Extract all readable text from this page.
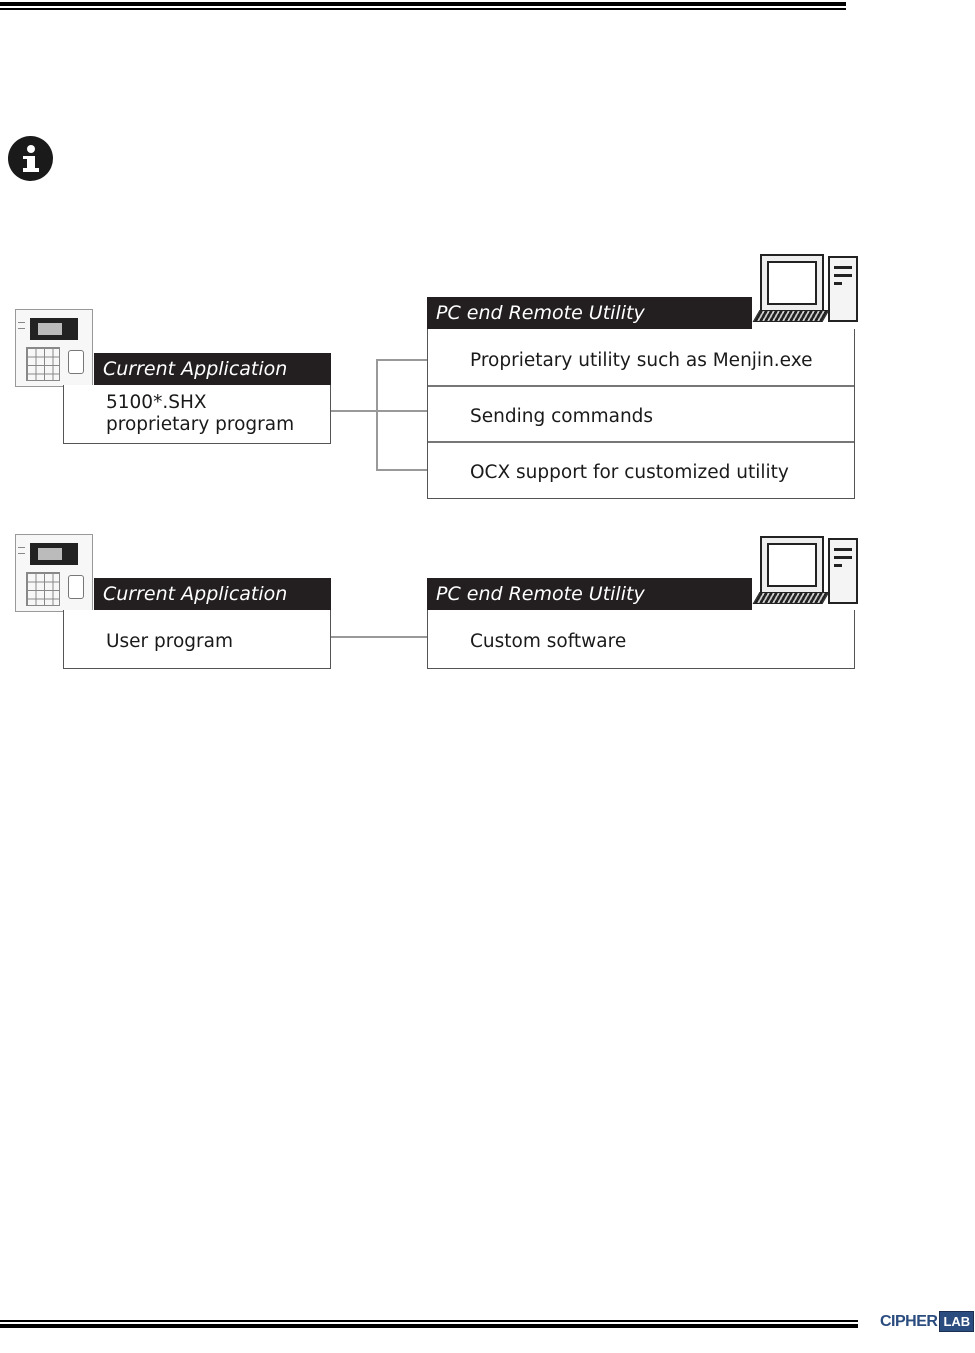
Current Application
5100*.SHX
proprietary program
PC end Remote Utility
Proprietary utility such as Menjin.exe
Sending commands
OCX support for customized utility
Current Application
User program
PC end Remote Utility
Custom software
CIPHER LAB
